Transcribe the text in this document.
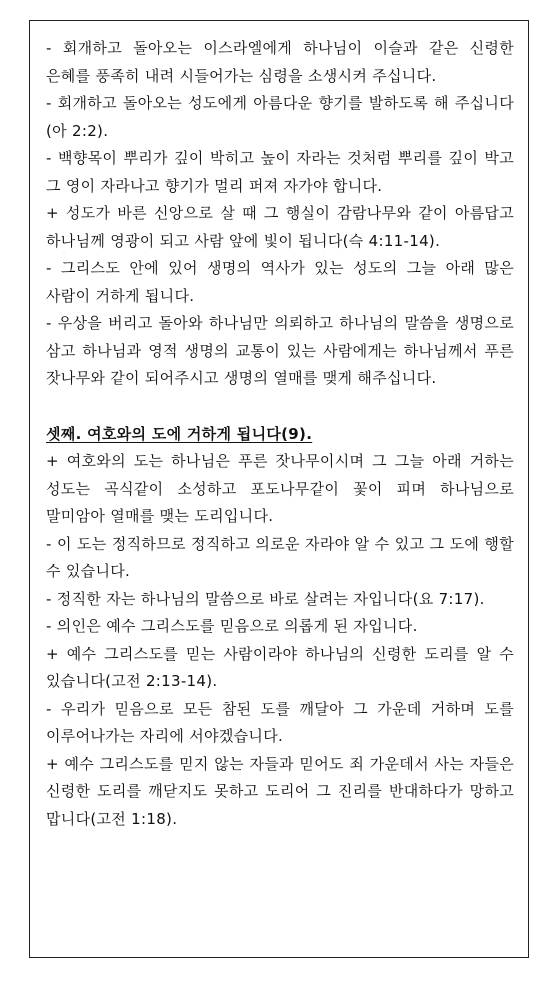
- 회개하고 돌아오는 이스라엘에게 하나님이 이슬과 같은 신령한 은혜를 풍족히 내려 시들어가는 심령을 소생시켜 주십니다.

- 회개하고 돌아오는 성도에게 아름다운 향기를 발하도록 해 주십니다(아 2:2).

- 백향목이 뿌리가 깊이 박히고 높이 자라는 것처럼 뿌리를 깊이 박고 그 영이 자라나고 향기가 멀리 퍼져 자가야 합니다.

+ 성도가 바른 신앙으로 살 때 그 행실이 감람나무와 같이 아름답고 하나님께 영광이 되고 사람 앞에 빛이 됩니다(슥 4:11-14).

- 그리스도 안에 있어 생명의 역사가 있는 성도의 그늘 아래 많은 사람이 거하게 됩니다.

- 우상을 버리고 돌아와 하나님만 의뢰하고 하나님의 말씀을 생명으로 삼고 하나님과 영적 생명의 교통이 있는 사람에게는 하나님께서 푸른 잣나무와 같이 되어주시고 생명의 열매를 맺게 해주십니다.

셋째. 여호와의 도에 거하게 됩니다(9).

+ 여호와의 도는 하나님은 푸른 잣나무이시며 그 그늘 아래 거하는 성도는 곡식같이 소성하고 포도나무같이 꽃이 피며 하나님으로 말미암아 열매를 맺는 도리입니다.

- 이 도는 정직하므로 정직하고 의로운 자라야 알 수 있고 그 도에 행할 수 있습니다.

- 정직한 자는 하나님의 말씀으로 바로 살려는 자입니다(요 7:17).

- 의인은 예수 그리스도를 믿음으로 의롭게 된 자입니다.

+ 예수 그리스도를 믿는 사람이라야 하나님의 신령한 도리를 알 수 있습니다(고전 2:13-14).

- 우리가 믿음으로 모든 참된 도를 깨달아 그 가운데 거하며 도를 이루어나가는 자리에 서야겠습니다.

+ 예수 그리스도를 믿지 않는 자들과 믿어도 죄 가운데서 사는 자들은 신령한 도리를 깨닫지도 못하고 도리어 그 진리를 반대하다가 망하고 맙니다(고전 1:18).
